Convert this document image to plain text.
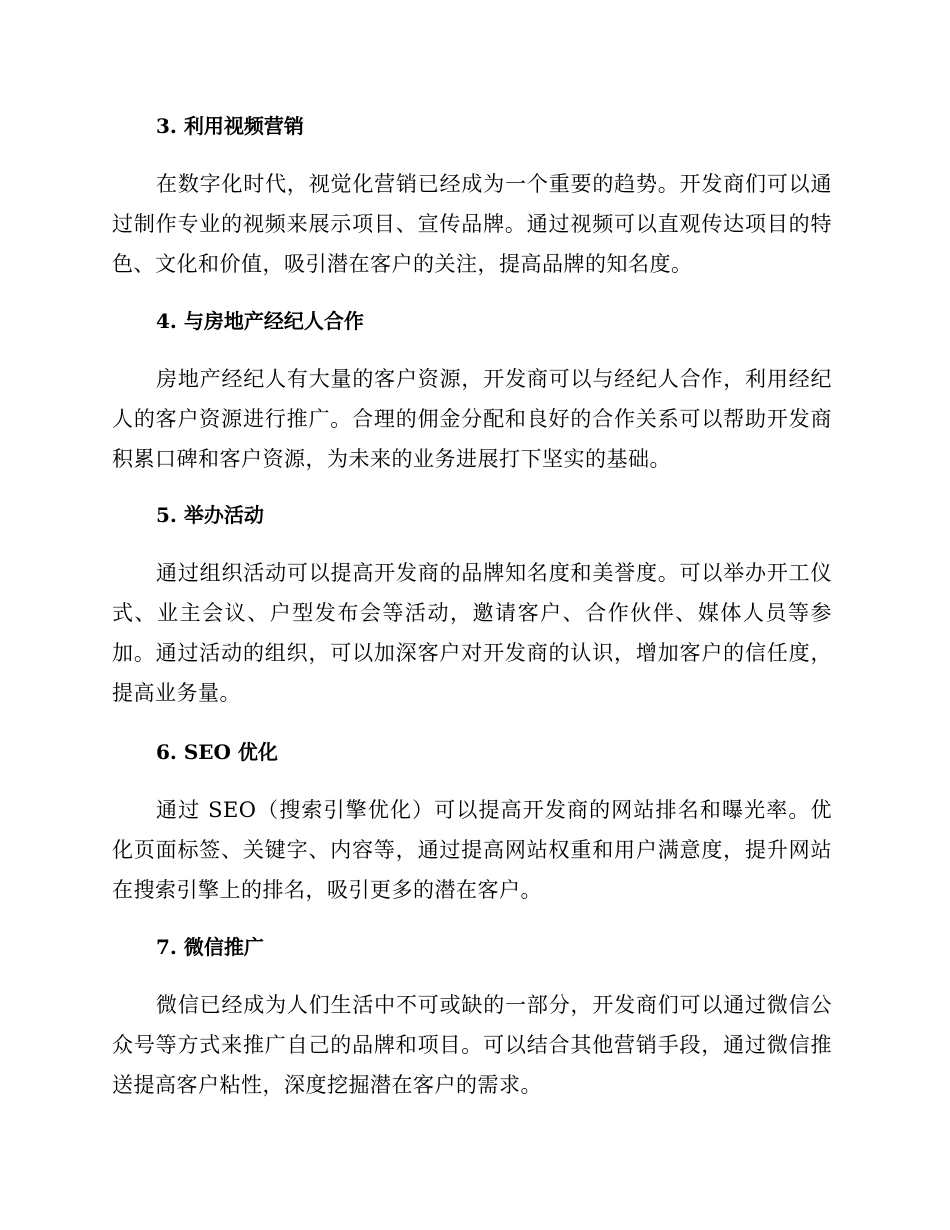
3. 利用视频营销

在数字化时代，视觉化营销已经成为一个重要的趋势。开发商们可以通过制作专业的视频来展示项目、宣传品牌。通过视频可以直观传达项目的特色、文化和价值，吸引潜在客户的关注，提高品牌的知名度。

4. 与房地产经纪人合作

房地产经纪人有大量的客户资源，开发商可以与经纪人合作，利用经纪人的客户资源进行推广。合理的佣金分配和良好的合作关系可以帮助开发商积累口碑和客户资源，为未来的业务进展打下坚实的基础。

5. 举办活动

通过组织活动可以提高开发商的品牌知名度和美誉度。可以举办开工仪式、业主会议、户型发布会等活动，邀请客户、合作伙伴、媒体人员等参加。通过活动的组织，可以加深客户对开发商的认识，增加客户的信任度，提高业务量。

6. SEO 优化

通过 SEO（搜索引擎优化）可以提高开发商的网站排名和曝光率。优化页面标签、关键字、内容等，通过提高网站权重和用户满意度，提升网站在搜索引擎上的排名，吸引更多的潜在客户。

7. 微信推广

微信已经成为人们生活中不可或缺的一部分，开发商们可以通过微信公众号等方式来推广自己的品牌和项目。可以结合其他营销手段，通过微信推送提高客户粘性，深度挖掘潜在客户的需求。
